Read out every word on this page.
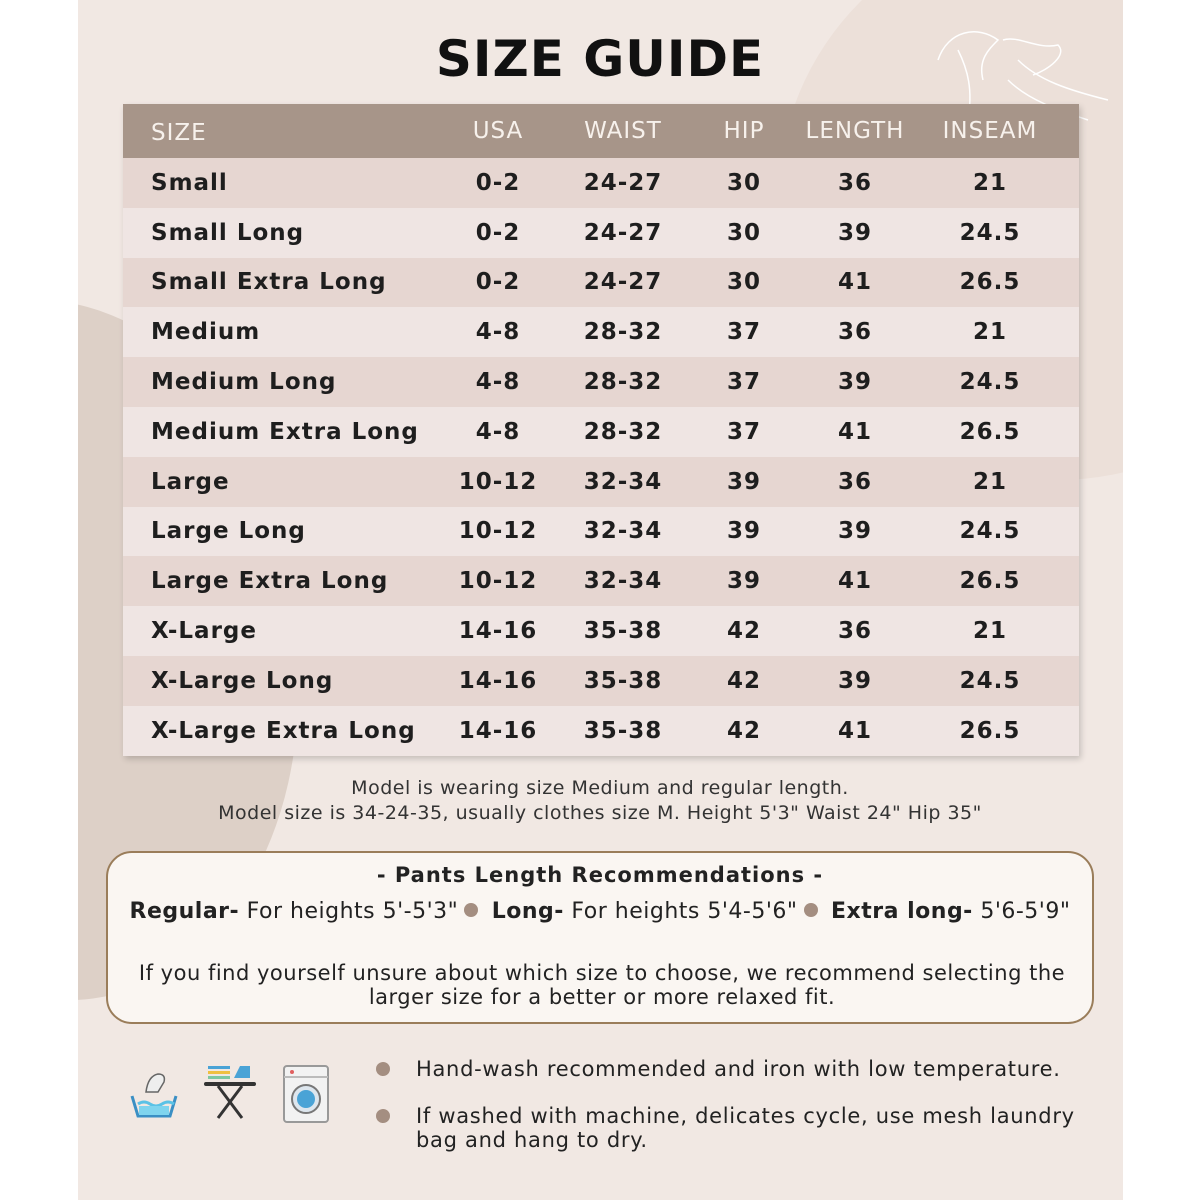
SIZE GUIDE
SIZE	USA	WAIST	HIP	LENGTH	INSEAM
Small	0-2	24-27	30	36	21
Small Long	0-2	24-27	30	39	24.5
Small Extra Long	0-2	24-27	30	41	26.5
Medium	4-8	28-32	37	36	21
Medium Long	4-8	28-32	37	39	24.5
Medium Extra Long	4-8	28-32	37	41	26.5
Large	10-12	32-34	39	36	21
Large Long	10-12	32-34	39	39	24.5
Large Extra Long	10-12	32-34	39	41	26.5
X-Large	14-16	35-38	42	36	21
X-Large Long	14-16	35-38	42	39	24.5
X-Large Extra Long	14-16	35-38	42	41	26.5
Model is wearing size Medium and regular length.
Model size is 34-24-35, usually clothes size M. Height 5'3" Waist 24" Hip 35"
- Pants Length Recommendations -
Regular- For heights 5'-5'3" Long- For heights 5'4-5'6" Extra long- 5'6-5'9"
If you find yourself unsure about which size to choose, we recommend selecting the larger size for a better or more relaxed fit.
Hand-wash recommended and iron with low temperature.
If washed with machine, delicates cycle, use mesh laundry bag and hang to dry.
